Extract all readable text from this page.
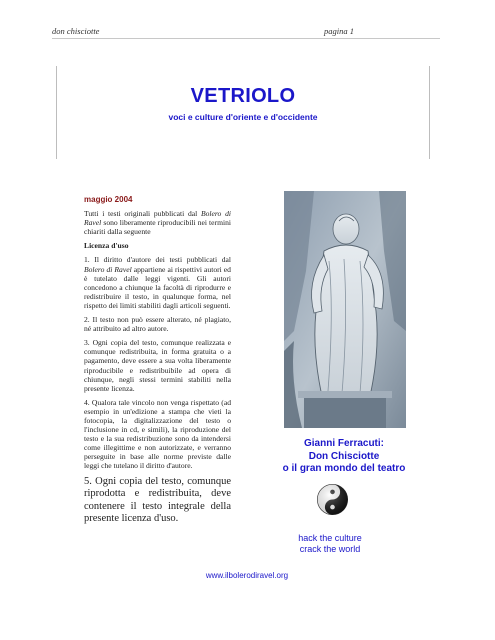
don chisciotte	pagina 1
VETRIOLO
voci e culture d'oriente e d'occidente

maggio 2004

Tutti i testi originali pubblicati dal Bolero di Ravel sono liberamente riproducibili nei termini chiariti dalla seguente

Licenza d'uso

1. Il diritto d'autore dei testi pubblicati dal Bolero di Ravel appartiene ai rispettivi autori ed è tutelato dalle leggi vigenti. Gli autori concedono a chiunque la facoltà di riprodurre e redistribuire il testo, in qualunque forma, nel rispetto dei limiti stabiliti dagli articoli seguenti.

2. Il testo non può essere alterato, né plagiato, né attribuito ad altro autore.

3. Ogni copia del testo, comunque realizzata e comunque redistribuita, in forma gratuita o a pagamento, deve essere a sua volta liberamente riproducibile e redistribuibile ad opera di chiunque, negli stessi termini stabiliti nella presente licenza.

4. Qualora tale vincolo non venga rispettato (ad esempio in un'edizione a stampa che vieti la fotocopia, la digitalizzazione del testo o l'inclusione in cd, e simili), la riproduzione del testo e la sua redistribuzione sono da intendersi come illegittime e non autorizzate, e verranno perseguite in base alle norme previste dalle leggi che tutelano il diritto d'autore.

5. Ogni copia del testo, comunque riprodotta e redistribuita, deve contenere il testo integrale della presente licenza d'uso.

Gianni Ferracuti:
Don Chisciotte
o il gran mondo del teatro
hack the culture
crack the world
www.ilbolerodiravel.org
